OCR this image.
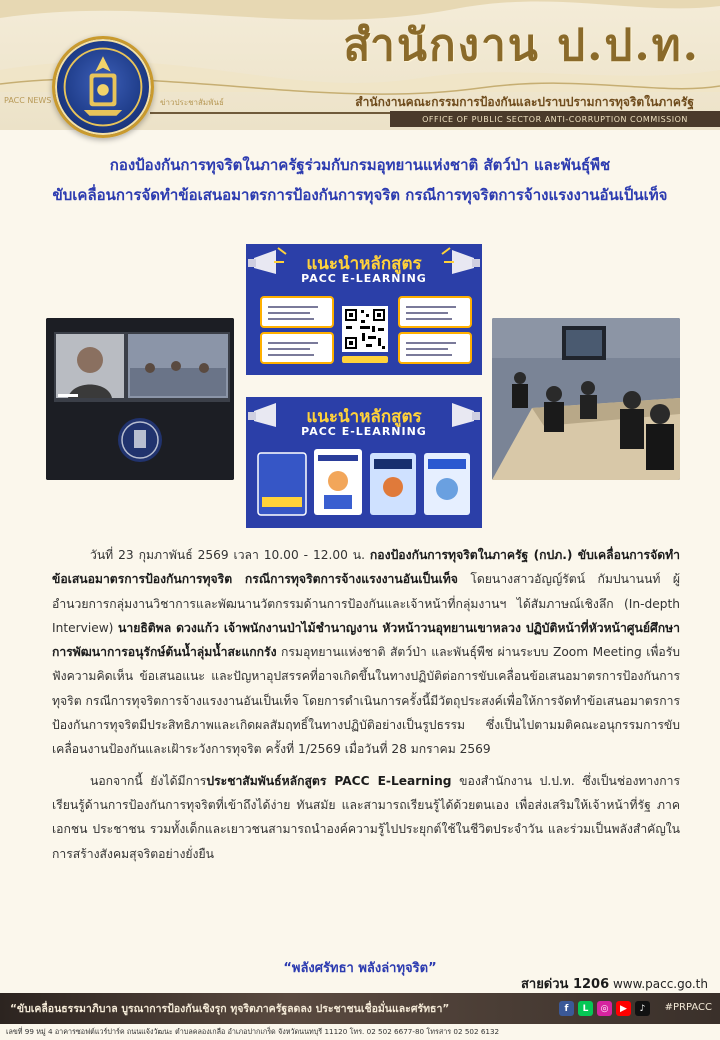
สำนักงาน ป.ป.ท.
PACC NEWS	ข่าวประชาสัมพันธ์	สำนักงานคณะกรรมการป้องกันและปราบปรามการทุจริตในภาครัฐ
OFFICE OF PUBLIC SECTOR ANTI-CORRUPTION COMMISSION
กองป้องกันการทุจริตในภาครัฐร่วมกับกรมอุทยานแห่งชาติ สัตว์ป่า และพันธุ์พืช
ขับเคลื่อนการจัดทำข้อเสนอมาตรการป้องกันการทุจริต กรณีการทุจริตการจ้างแรงงานอันเป็นเท็จ
แนะนำหลักสูตร
PACC E-LEARNING
แนะนำหลักสูตร
PACC E-LEARNING

วันที่ 23 กุมภาพันธ์ 2569 เวลา 10.00 - 12.00 น. กองป้องกันการทุจริตในภาครัฐ (กปภ.) ขับเคลื่อนการจัดทำข้อเสนอมาตรการป้องกันการทุจริต กรณีการทุจริตการจ้างแรงงานอันเป็นเท็จ โดยนางสาวอัญญ์รัตน์ กัมปนานนท์ ผู้อำนวยการกลุ่มงานวิชาการและพัฒนานวัตกรรมด้านการป้องกันและเจ้าหน้าที่กลุ่มงานฯ ได้สัมภาษณ์เชิงลึก (In-depth Interview) นายธิติพล ดวงแก้ว เจ้าพนักงานป่าไม้ชำนาญงาน หัวหน้าวนอุทยานเขาหลวง ปฏิบัติหน้าที่หัวหน้าศูนย์ศึกษาการพัฒนาการอนุรักษ์ต้นน้ำลุ่มน้ำสะแกกรัง กรมอุทยานแห่งชาติ สัตว์ป่า และพันธุ์พืช ผ่านระบบ Zoom Meeting เพื่อรับฟังความคิดเห็น ข้อเสนอแนะ และปัญหาอุปสรรคที่อาจเกิดขึ้นในทางปฏิบัติต่อการขับเคลื่อนข้อเสนอมาตรการป้องกันการทุจริต กรณีการทุจริตการจ้างแรงงานอันเป็นเท็จ โดยการดำเนินการครั้งนี้มีวัตถุประสงค์เพื่อให้การจัดทำข้อเสนอมาตรการป้องกันการทุจริตมีประสิทธิภาพและเกิดผลสัมฤทธิ์ในทางปฏิบัติอย่างเป็นรูปธรรม ซึ่งเป็นไปตามมติคณะอนุกรรมการขับเคลื่อนงานป้องกันและเฝ้าระวังการทุจริต ครั้งที่ 1/2569 เมื่อวันที่ 28 มกราคม 2569

นอกจากนี้ ยังได้มีการประชาสัมพันธ์หลักสูตร PACC E-Learning ของสำนักงาน ป.ป.ท. ซึ่งเป็นช่องทางการเรียนรู้ด้านการป้องกันการทุจริตที่เข้าถึงได้ง่าย ทันสมัย และสามารถเรียนรู้ได้ด้วยตนเอง เพื่อส่งเสริมให้เจ้าหน้าที่รัฐ ภาคเอกชน ประชาชน รวมทั้งเด็กและเยาวชนสามารถนำองค์ความรู้ไปประยุกต์ใช้ในชีวิตประจำวัน และร่วมเป็นพลังสำคัญในการสร้างสังคมสุจริตอย่างยั่งยืน

“พลังศรัทธา พลังล่าทุจริต”
สายด่วน 1206 www.pacc.go.th
“ขับเคลื่อนธรรมาภิบาล บูรณาการป้องกันเชิงรุก ทุจริตภาครัฐลดลง ประชาชนเชื่อมั่นและศรัทธา”	f	L	◎	▶	♪	#PRPACC
เลขที่ 99 หมู่ 4 อาคารซอฟต์แวร์ปาร์ค ถนนแจ้งวัฒนะ ตำบลคลองเกลือ อำเภอปากเกร็ด จังหวัดนนทบุรี 11120 โทร. 02 502 6677-80 โทรสาร 02 502 6132
